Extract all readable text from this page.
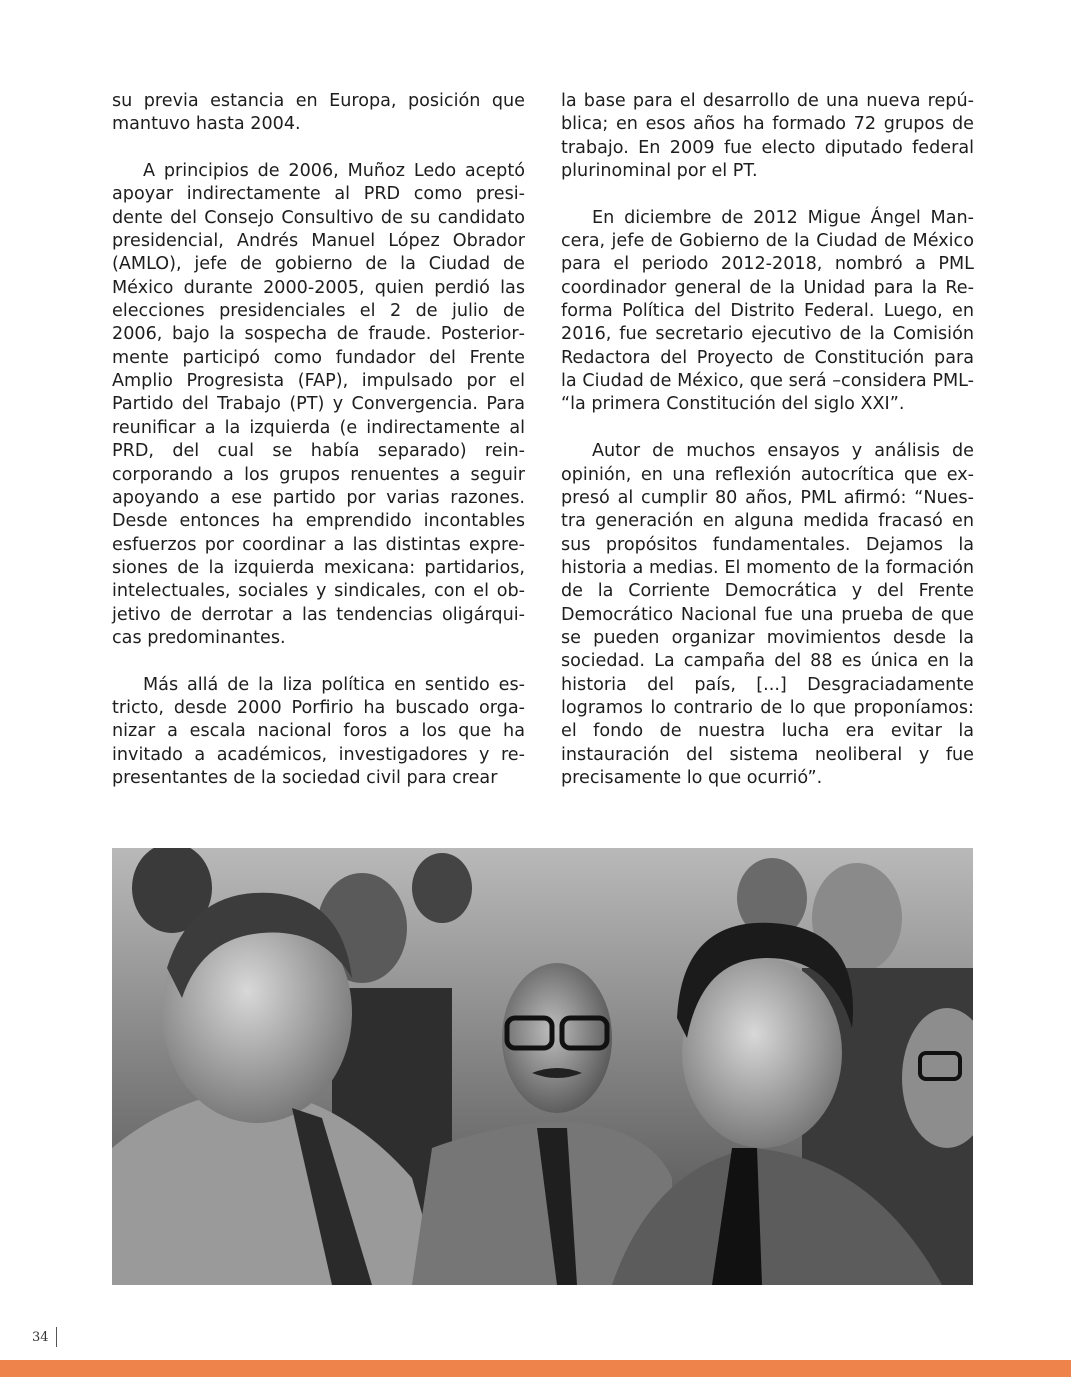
su previa estancia en Europa, posición que mantuvo hasta 2004.

A principios de 2006, Muñoz Ledo aceptó apoyar indirectamente al PRD como presidente del Consejo Consultivo de su candidato presidencial, Andrés Manuel López Obrador (AMLO), jefe de gobierno de la Ciudad de México durante 2000-2005, quien perdió las elecciones presidenciales el 2 de julio de 2006, bajo la sospecha de fraude. Posteriormente participó como fundador del Frente Amplio Progresista (FAP), impulsado por el Partido del Trabajo (PT) y Convergencia. Para reunificar a la izquierda (e indirectamente al PRD, del cual se había separado) reincorporando a los grupos renuentes a seguir apoyando a ese partido por varias razones. Desde entonces ha emprendido incontables esfuerzos por coordinar a las distintas expresiones de la izquierda mexicana: partidarios, intelectuales, sociales y sindicales, con el objetivo de derrotar a las tendencias oligárquicas predominantes.

Más allá de la liza política en sentido estricto, desde 2000 Porfirio ha buscado organizar a escala nacional foros a los que ha invitado a académicos, investigadores y representantes de la sociedad civil para crear

la base para el desarrollo de una nueva república; en esos años ha formado 72 grupos de trabajo. En 2009 fue electo diputado federal plurinominal por el PT.

En diciembre de 2012 Migue Ángel Mancera, jefe de Gobierno de la Ciudad de México para el periodo 2012-2018, nombró a PML coordinador general de la Unidad para la Reforma Política del Distrito Federal. Luego, en 2016, fue secretario ejecutivo de la Comisión Redactora del Proyecto de Constitución para la Ciudad de México, que será –considera PML- “la primera Constitución del siglo XXI”.

Autor de muchos ensayos y análisis de opinión, en una reflexión autocrítica que expresó al cumplir 80 años, PML afirmó: “Nuestra generación en alguna medida fracasó en sus propósitos fundamentales. Dejamos la historia a medias. El momento de la formación de la Corriente Democrática y del Frente Democrático Nacional fue una prueba de que se pueden organizar movimientos desde la sociedad. La campaña del 88 es única en la historia del país, [...] Desgraciadamente logramos lo contrario de lo que proponíamos: el fondo de nuestra lucha era evitar la instauración del sistema neoliberal y fue precisamente lo que ocurrió”.

34
